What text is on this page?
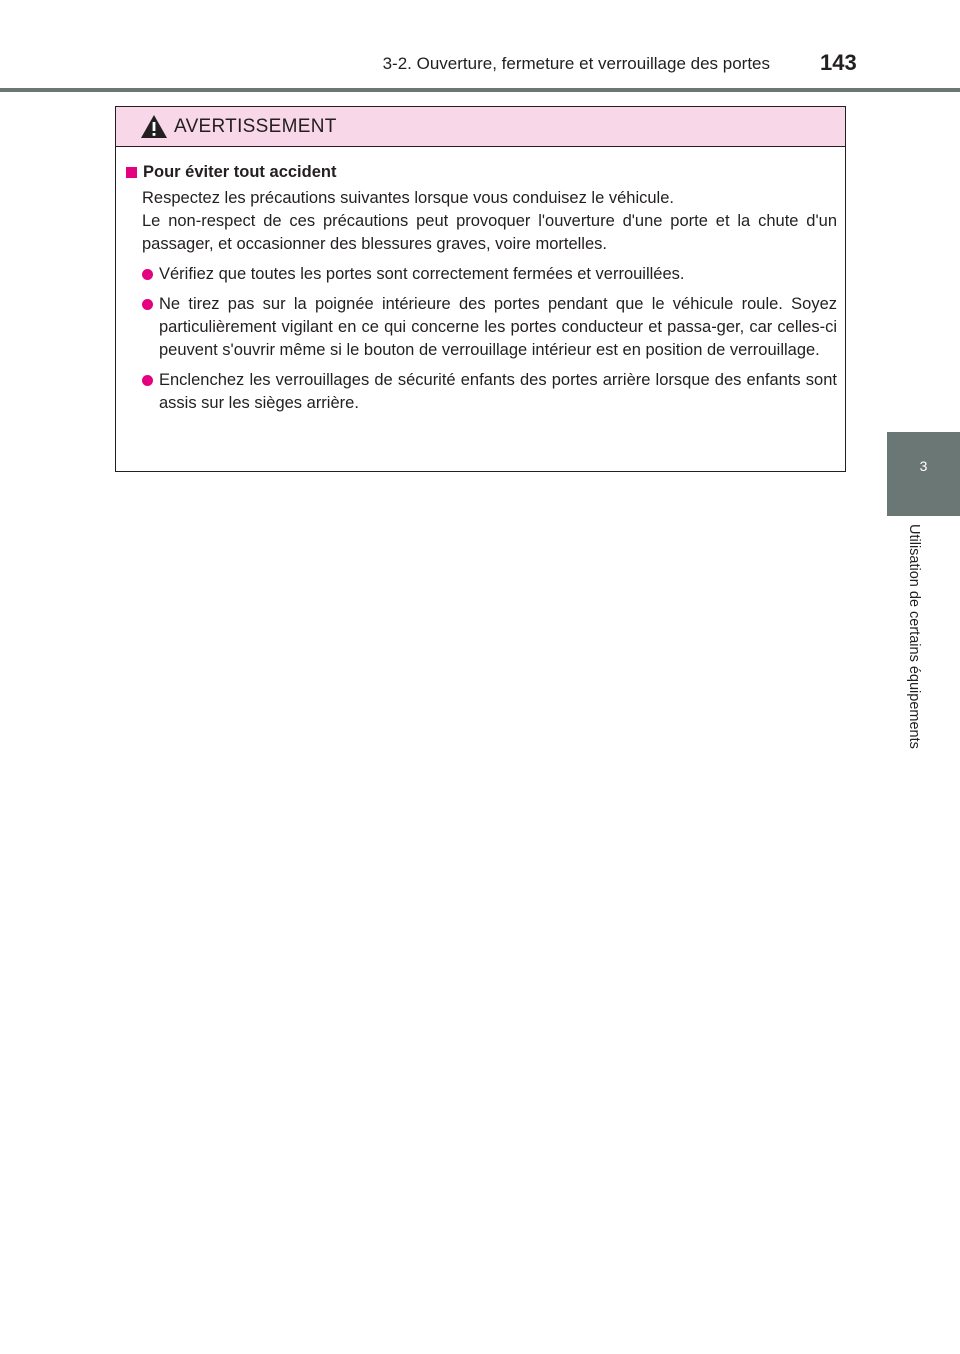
3-2. Ouverture, fermeture et verrouillage des portes 143
3
Utilisation de certains équipements
AVERTISSEMENT
Pour éviter tout accident
Respectez les précautions suivantes lorsque vous conduisez le véhicule.
Le non-respect de ces précautions peut provoquer l'ouverture d'une porte et la chute d'un passager, et occasionner des blessures graves, voire mortelles.
Vérifiez que toutes les portes sont correctement fermées et verrouillées.
Ne tirez pas sur la poignée intérieure des portes pendant que le véhicule roule. Soyez particulièrement vigilant en ce qui concerne les portes conducteur et passa-ger, car celles-ci peuvent s'ouvrir même si le bouton de verrouillage intérieur est en position de verrouillage.
Enclenchez les verrouillages de sécurité enfants des portes arrière lorsque des enfants sont assis sur les sièges arrière.
